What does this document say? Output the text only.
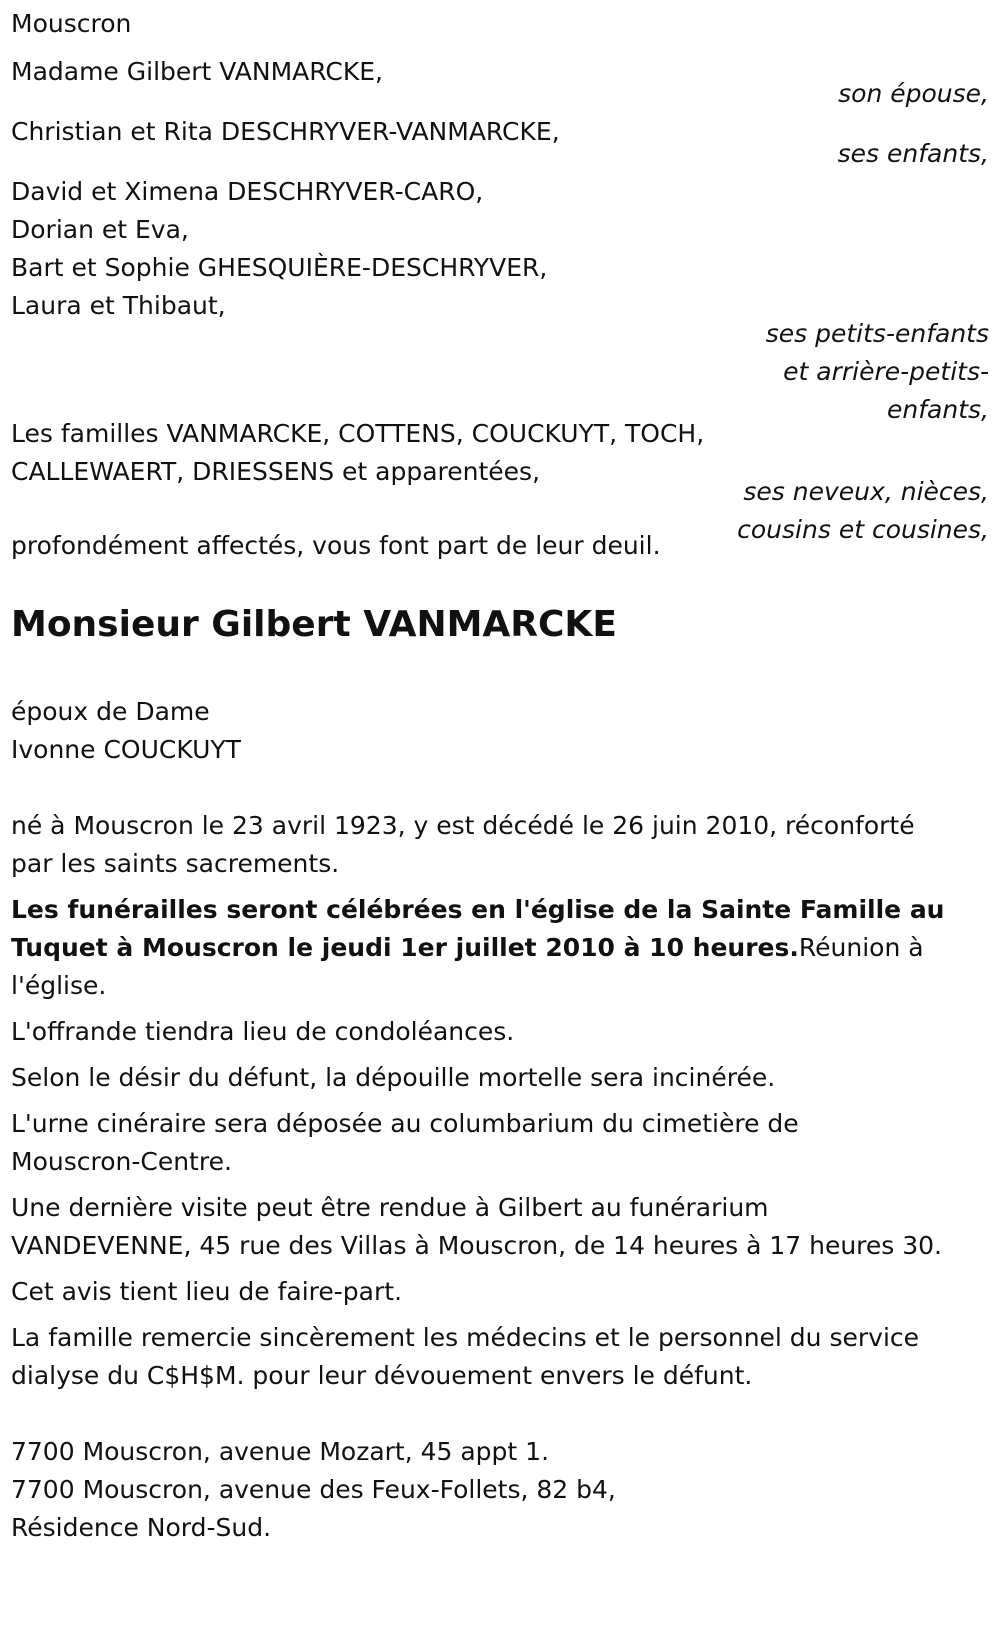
Mouscron
Madame Gilbert VANMARCKE,
son épouse,
Christian et Rita DESCHRYVER-VANMARCKE,
ses enfants,
David et Ximena DESCHRYVER-CARO,
Dorian et Eva,
Bart et Sophie GHESQUIÈRE-DESCHRYVER,
Laura et Thibaut,
ses petits-enfants
et arrière-petits-
enfants,
Les familles VANMARCKE, COTTENS, COUCKUYT, TOCH,
CALLEWAERT, DRIESSENS et apparentées,
ses neveux, nièces,
cousins et cousines,
profondément affectés, vous font part de leur deuil.
Monsieur Gilbert VANMARCKE
époux de Dame
Ivonne COUCKUYT
né à Mouscron le 23 avril 1923, y est décédé le 26 juin 2010, réconforté
par les saints sacrements.
Les funérailles seront célébrées en l'église de la Sainte Famille au
Tuquet à Mouscron le jeudi 1er juillet 2010 à 10 heures.Réunion à
l'église.
L'offrande tiendra lieu de condoléances.
Selon le désir du défunt, la dépouille mortelle sera incinérée.
L'urne cinéraire sera déposée au columbarium du cimetière de
Mouscron-Centre.
Une dernière visite peut être rendue à Gilbert au funérarium
VANDEVENNE, 45 rue des Villas à Mouscron, de 14 heures à 17 heures 30.
Cet avis tient lieu de faire-part.
La famille remercie sincèrement les médecins et le personnel du service
dialyse du C$H$M. pour leur dévouement envers le défunt.
7700 Mouscron, avenue Mozart, 45 appt 1.
7700 Mouscron, avenue des Feux-Follets, 82 b4,
Résidence Nord-Sud.
